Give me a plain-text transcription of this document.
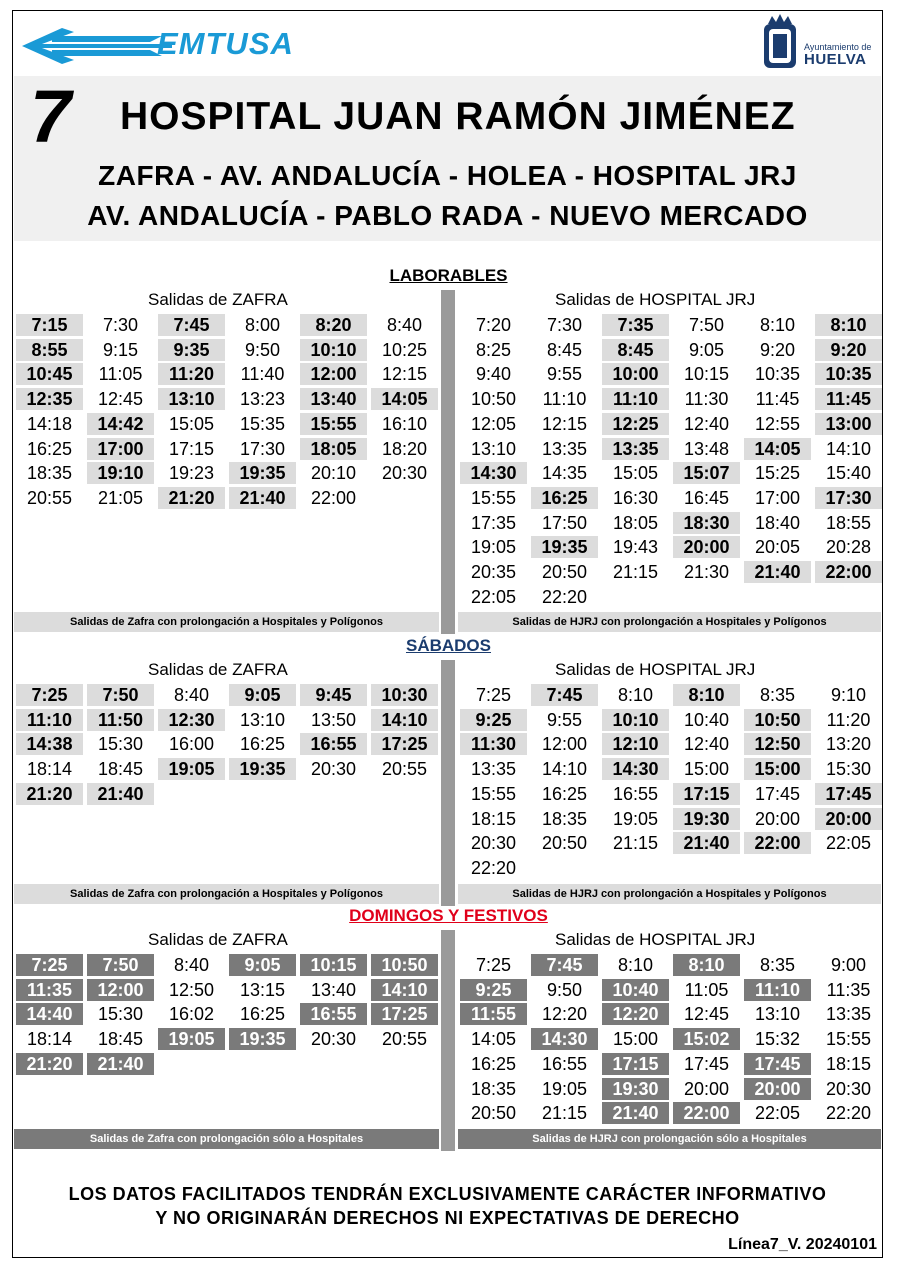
EMTUSA	Ayuntamiento de
HUELVA
7 HOSPITAL JUAN RAMÓN JIMÉNEZ
ZAFRA - AV. ANDALUCÍA - HOLEA - HOSPITAL JRJ
AV. ANDALUCÍA - PABLO RADA - NUEVO MERCADO
LABORABLES
Salidas de ZAFRA	Salidas de HOSPITAL JRJ
7:15	7:30	7:45	8:00	8:20	8:40
8:55	9:15	9:35	9:50	10:10	10:25
10:45	11:05	11:20	11:40	12:00	12:15
12:35	12:45	13:10	13:23	13:40	14:05
14:18	14:42	15:05	15:35	15:55	16:10
16:25	17:00	17:15	17:30	18:05	18:20
18:35	19:10	19:23	19:35	20:10	20:30
20:55	21:05	21:20	21:40	22:00
7:20	7:30	7:35	7:50	8:10	8:10
8:25	8:45	8:45	9:05	9:20	9:20
9:40	9:55	10:00	10:15	10:35	10:35
10:50	11:10	11:10	11:30	11:45	11:45
12:05	12:15	12:25	12:40	12:55	13:00
13:10	13:35	13:35	13:48	14:05	14:10
14:30	14:35	15:05	15:07	15:25	15:40
15:55	16:25	16:30	16:45	17:00	17:30
17:35	17:50	18:05	18:30	18:40	18:55
19:05	19:35	19:43	20:00	20:05	20:28
20:35	20:50	21:15	21:30	21:40	22:00
22:05	22:20
Salidas de Zafra con prolongación a Hospitales y Polígonos	Salidas de HJRJ con prolongación a Hospitales y Polígonos
SÁBADOS
Salidas de ZAFRA	Salidas de HOSPITAL JRJ
7:25	7:50	8:40	9:05	9:45	10:30
11:10	11:50	12:30	13:10	13:50	14:10
14:38	15:30	16:00	16:25	16:55	17:25
18:14	18:45	19:05	19:35	20:30	20:55
21:20	21:40
7:25	7:45	8:10	8:10	8:35	9:10
9:25	9:55	10:10	10:40	10:50	11:20
11:30	12:00	12:10	12:40	12:50	13:20
13:35	14:10	14:30	15:00	15:00	15:30
15:55	16:25	16:55	17:15	17:45	17:45
18:15	18:35	19:05	19:30	20:00	20:00
20:30	20:50	21:15	21:40	22:00	22:05
22:20
Salidas de Zafra con prolongación a Hospitales y Polígonos	Salidas de HJRJ con prolongación a Hospitales y Polígonos
DOMINGOS Y FESTIVOS
Salidas de ZAFRA	Salidas de HOSPITAL JRJ
7:25	7:50	8:40	9:05	10:15	10:50
11:35	12:00	12:50	13:15	13:40	14:10
14:40	15:30	16:02	16:25	16:55	17:25
18:14	18:45	19:05	19:35	20:30	20:55
21:20	21:40
7:25	7:45	8:10	8:10	8:35	9:00
9:25	9:50	10:40	11:05	11:10	11:35
11:55	12:20	12:20	12:45	13:10	13:35
14:05	14:30	15:00	15:02	15:32	15:55
16:25	16:55	17:15	17:45	17:45	18:15
18:35	19:05	19:30	20:00	20:00	20:30
20:50	21:15	21:40	22:00	22:05	22:20
Salidas de Zafra con prolongación sólo a Hospitales	Salidas de HJRJ con prolongación sólo a Hospitales
LOS DATOS FACILITADOS TENDRÁN EXCLUSIVAMENTE CARÁCTER INFORMATIVO
Y NO ORIGINARÁN DERECHOS NI EXPECTATIVAS DE DERECHO
Línea7_V. 20240101
